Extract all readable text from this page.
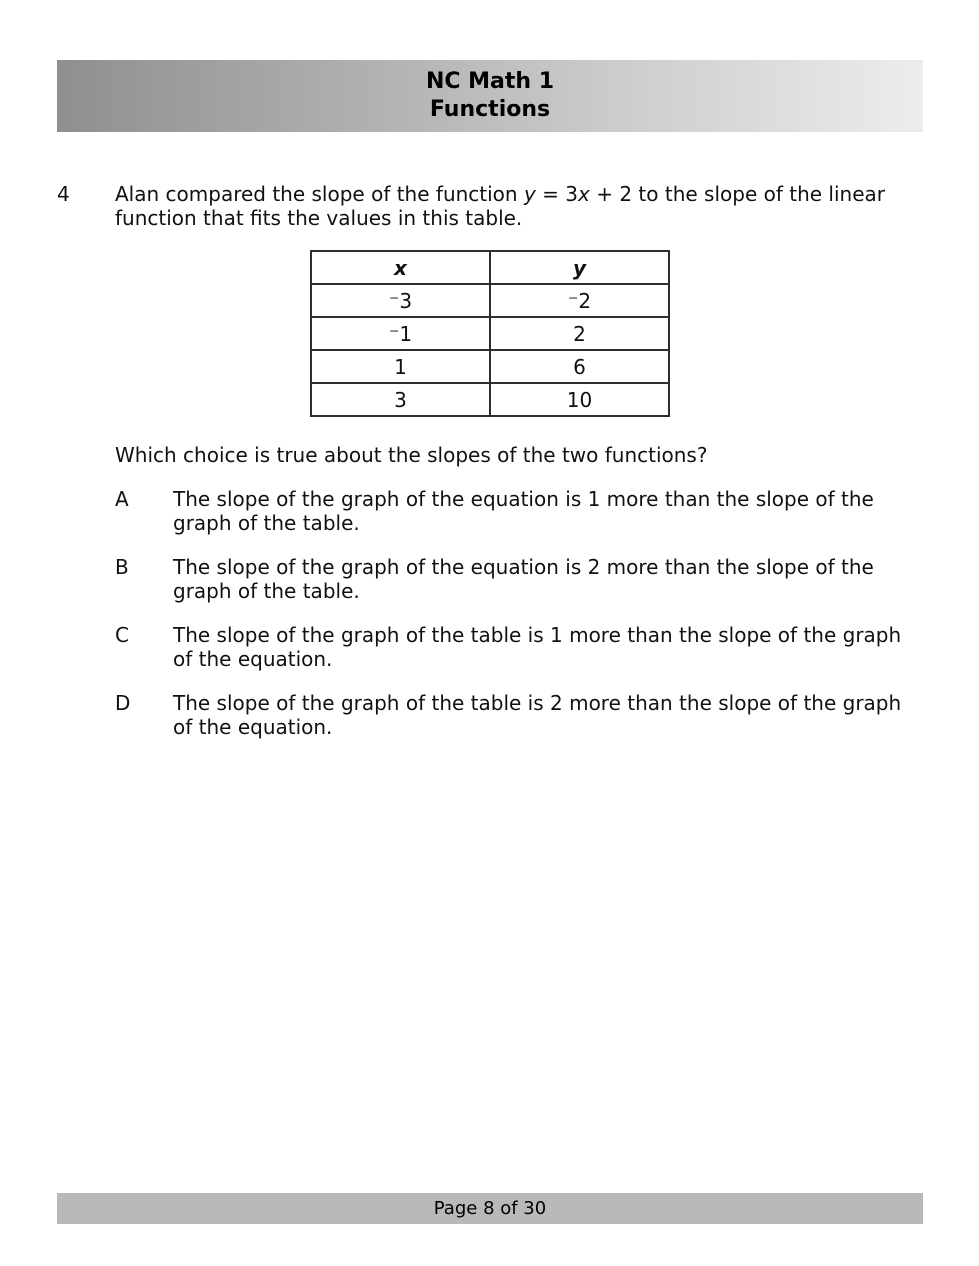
NC Math 1
Functions
4	Alan compared the slope of the function y = 3x + 2 to the slope of the linear function that fits the values in this table.

x	y
⁻3	⁻2
⁻1	2
1	6
3	10

Which choice is true about the slopes of the two functions?

A	The slope of the graph of the equation is 1 more than the slope of the graph of the table.
B	The slope of the graph of the equation is 2 more than the slope of the graph of the table.
C	The slope of the graph of the table is 1 more than the slope of the graph of the equation.
D	The slope of the graph of the table is 2 more than the slope of the graph of the equation.
Page 8 of 30
